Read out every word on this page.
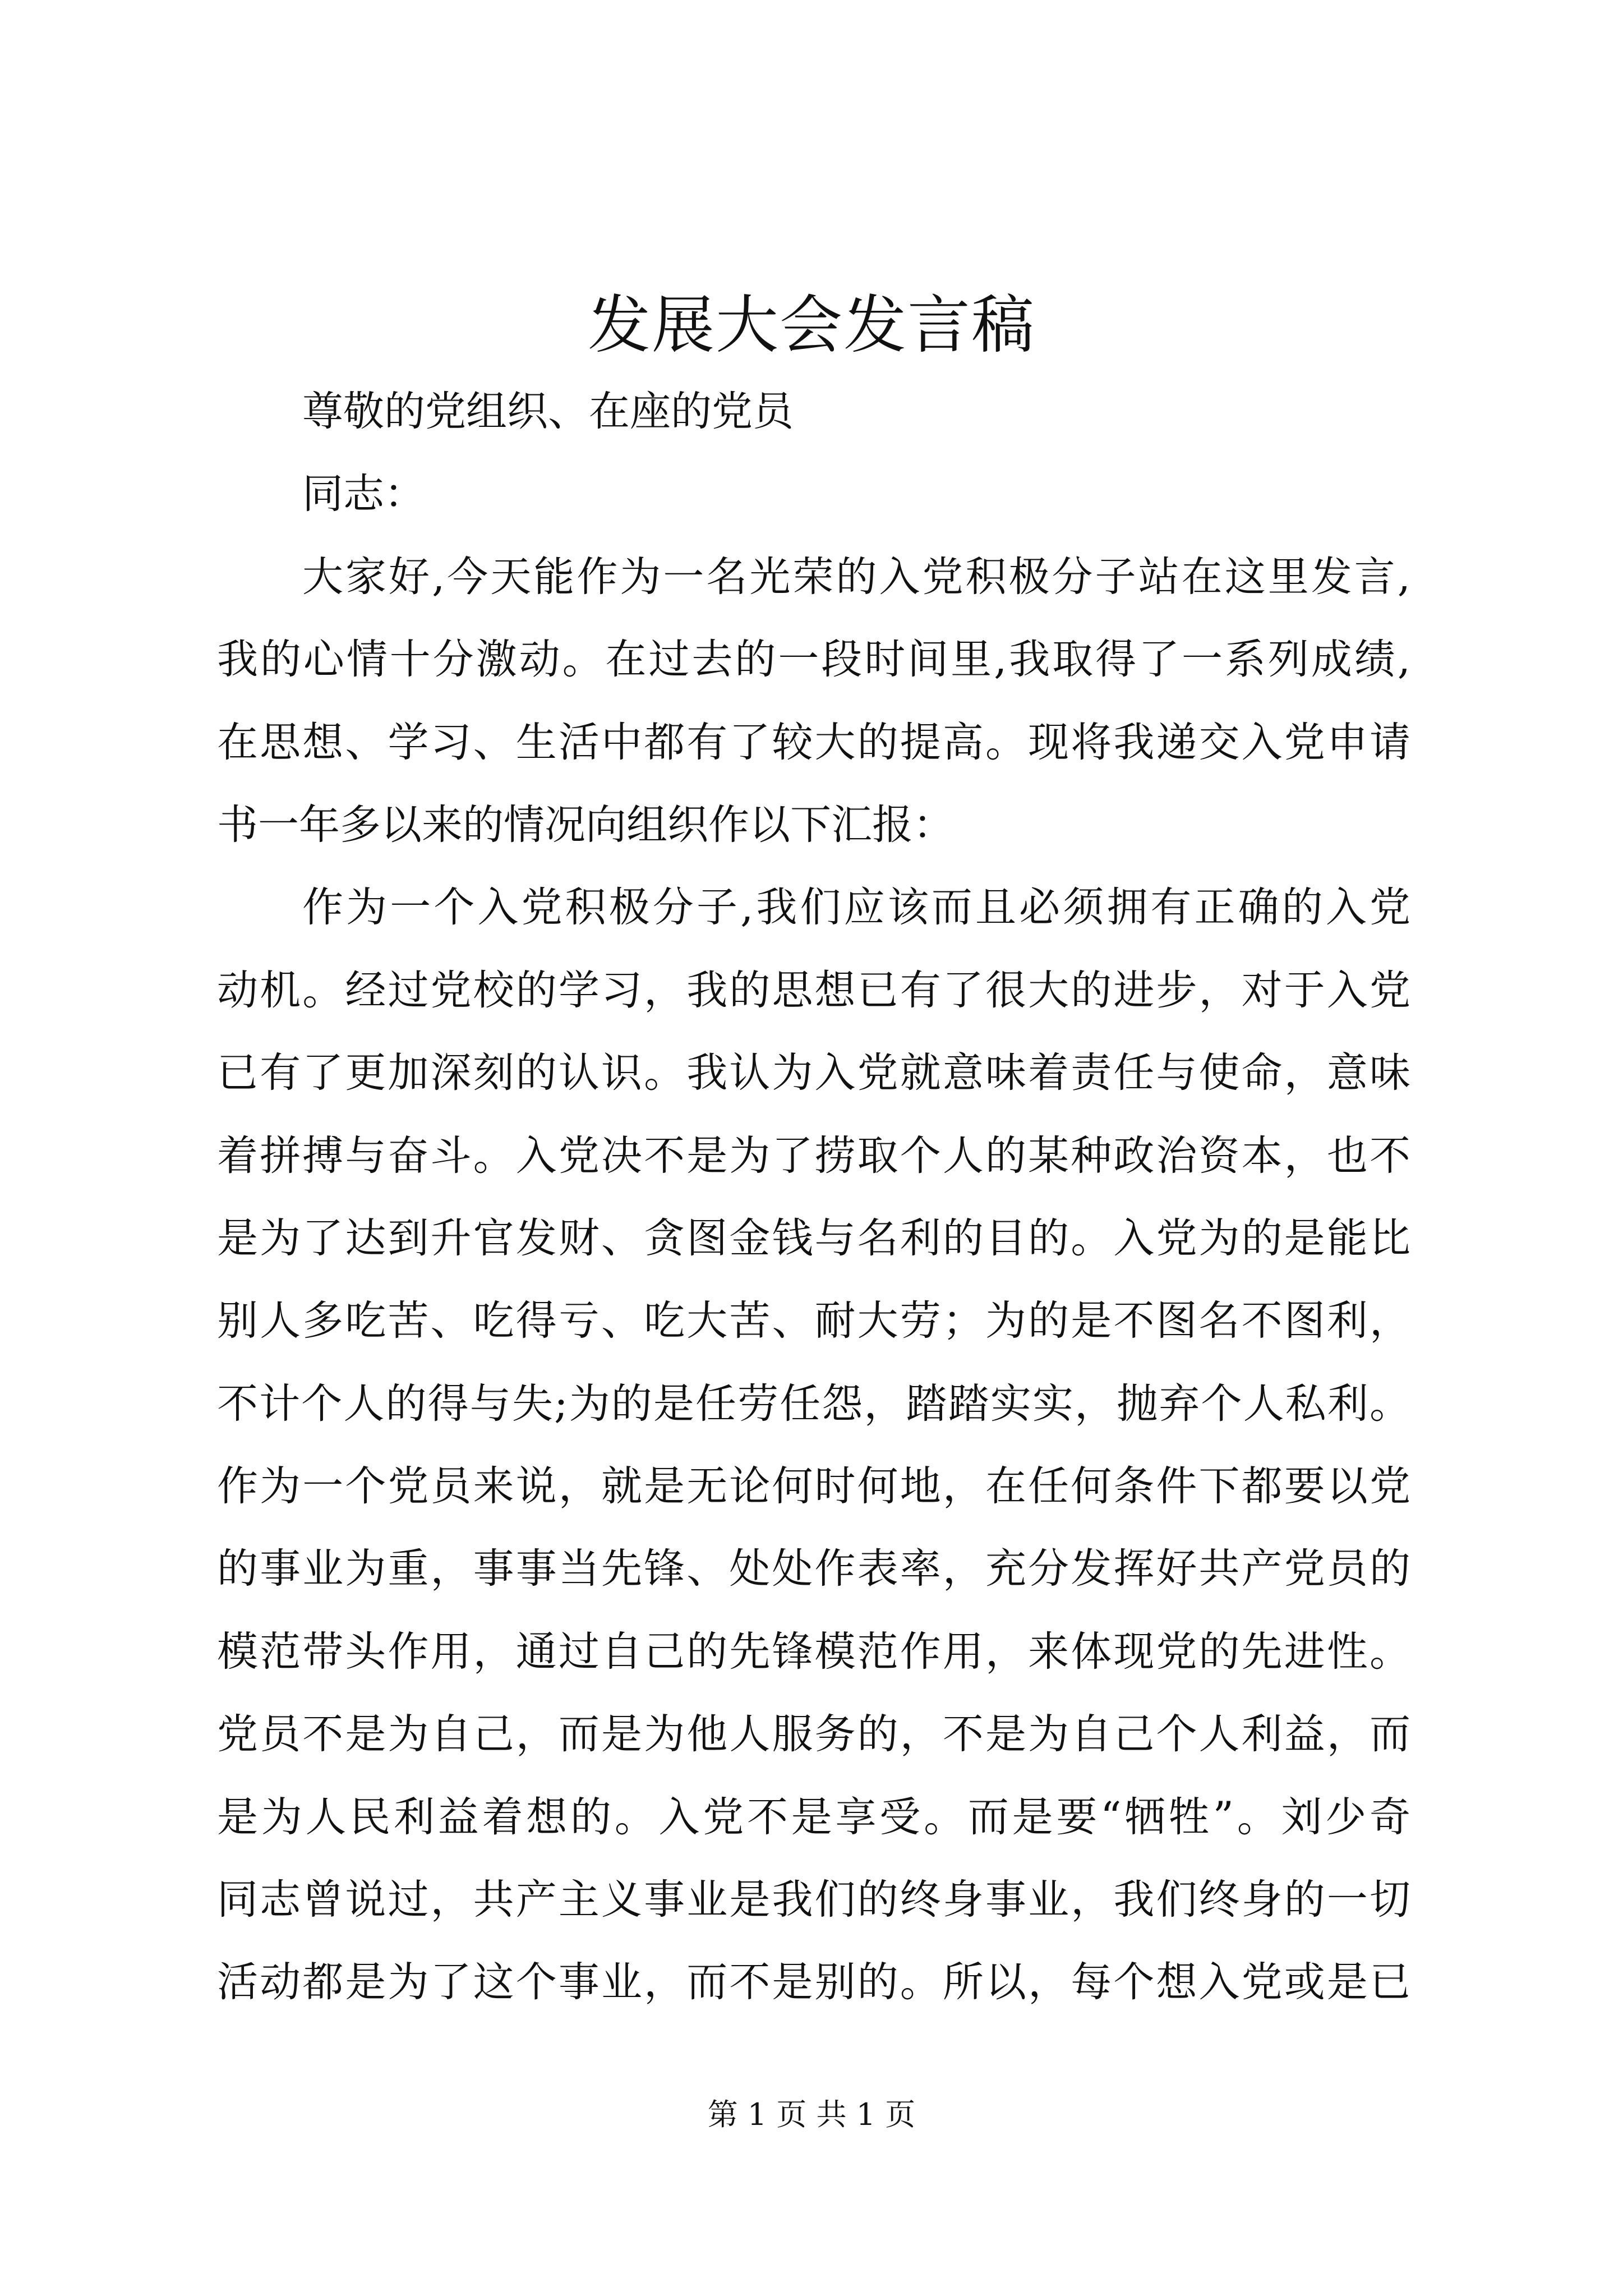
发展大会发言稿
尊敬的党组织、在座的党员
同志：
大家好,今天能作为一名光荣的入党积极分子站在这里发言,
我的心情十分激动。在过去的一段时间里,我取得了一系列成绩,
在思想、学习、生活中都有了较大的提高。现将我递交入党申请
书一年多以来的情况向组织作以下汇报：
作为一个入党积极分子,我们应该而且必须拥有正确的入党
动机。经过党校的学习，我的思想已有了很大的进步，对于入党
已有了更加深刻的认识。我认为入党就意味着责任与使命，意味
着拼搏与奋斗。入党决不是为了捞取个人的某种政治资本，也不
是为了达到升官发财、贪图金钱与名利的目的。入党为的是能比
别人多吃苦、吃得亏、吃大苦、耐大劳；为的是不图名不图利，
不计个人的得与失;为的是任劳任怨，踏踏实实，抛弃个人私利。
作为一个党员来说，就是无论何时何地，在任何条件下都要以党
的事业为重，事事当先锋、处处作表率，充分发挥好共产党员的
模范带头作用，通过自己的先锋模范作用，来体现党的先进性。
党员不是为自己，而是为他人服务的，不是为自己个人利益，而
是为人民利益着想的。入党不是享受。而是要“牺牲”。刘少奇
同志曾说过，共产主义事业是我们的终身事业，我们终身的一切
活动都是为了这个事业，而不是别的。所以，每个想入党或是已
第 1 页 共 1 页
